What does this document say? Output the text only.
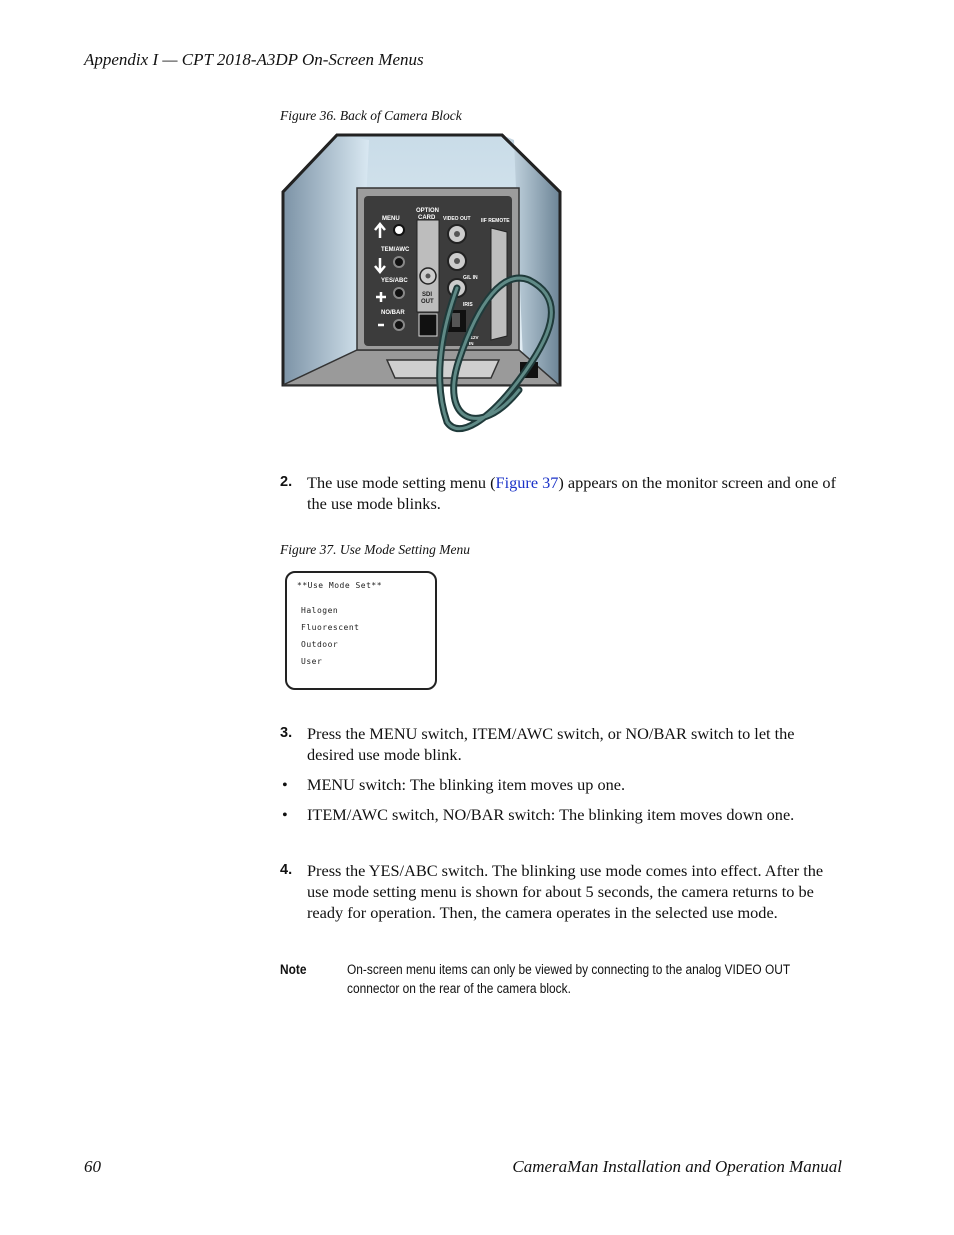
Appendix I — CPT 2018-A3DP On-Screen Menus
Figure 36. Back of Camera Block
MENU
OPTION
CARD VIDEO OUT IIF REMOTE
TEM/AWC
YES/ABC
NO/BAR
G/L IN
SDI
OUT	IRIS
DC12V
IN
2. The use mode setting menu (Figure 37) appears on the monitor screen and one of the use mode blinks.
Figure 37. Use Mode Setting Menu
**Use Mode Set**
Halogen
Fluorescent
Outdoor
User
3. Press the MENU switch, ITEM/AWC switch, or NO/BAR switch to let the desired use mode blink.
• MENU switch: The blinking item moves up one.
• ITEM/AWC switch, NO/BAR switch: The blinking item moves down one.
4. Press the YES/ABC switch. The blinking use mode comes into effect. After the use mode setting menu is shown for about 5 seconds, the camera returns to be ready for operation. Then, the camera operates in the selected use mode.
Note	On-screen menu items can only be viewed by connecting to the analog VIDEO OUT connector on the rear of the camera block.
60	CameraMan Installation and Operation Manual
